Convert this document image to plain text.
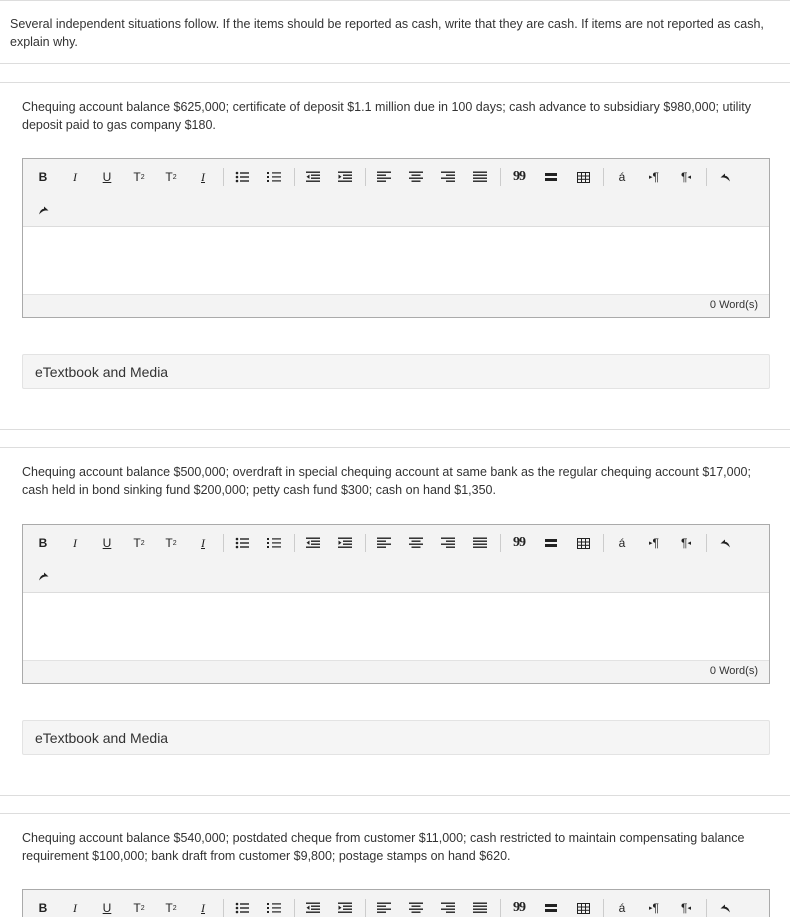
Several independent situations follow. If the items should be reported as cash, write that they are cash. If items are not reported as cash, explain why.
Chequing account balance $625,000; certificate of deposit $1.1 million due in 100 days; cash advance to subsidiary $980,000; utility deposit paid to gas company $180.
B	I	U	T 2 T 2	I	99	á	▸ ¶ ¶ ◂
0 Word(s)
eTextbook and Media
Chequing account balance $500,000; overdraft in special chequing account at same bank as the regular chequing account $17,000; cash held in bond sinking fund $200,000; petty cash fund $300; cash on hand $1,350.
B	I	U	T 2 T 2	I	99	á	▸ ¶ ¶ ◂
0 Word(s)
eTextbook and Media
Chequing account balance $540,000; postdated cheque from customer $11,000; cash restricted to maintain compensating balance requirement $100,000; bank draft from customer $9,800; postage stamps on hand $620.
B	I	U	T 2 T 2	I	99	á	▸ ¶ ¶ ◂
